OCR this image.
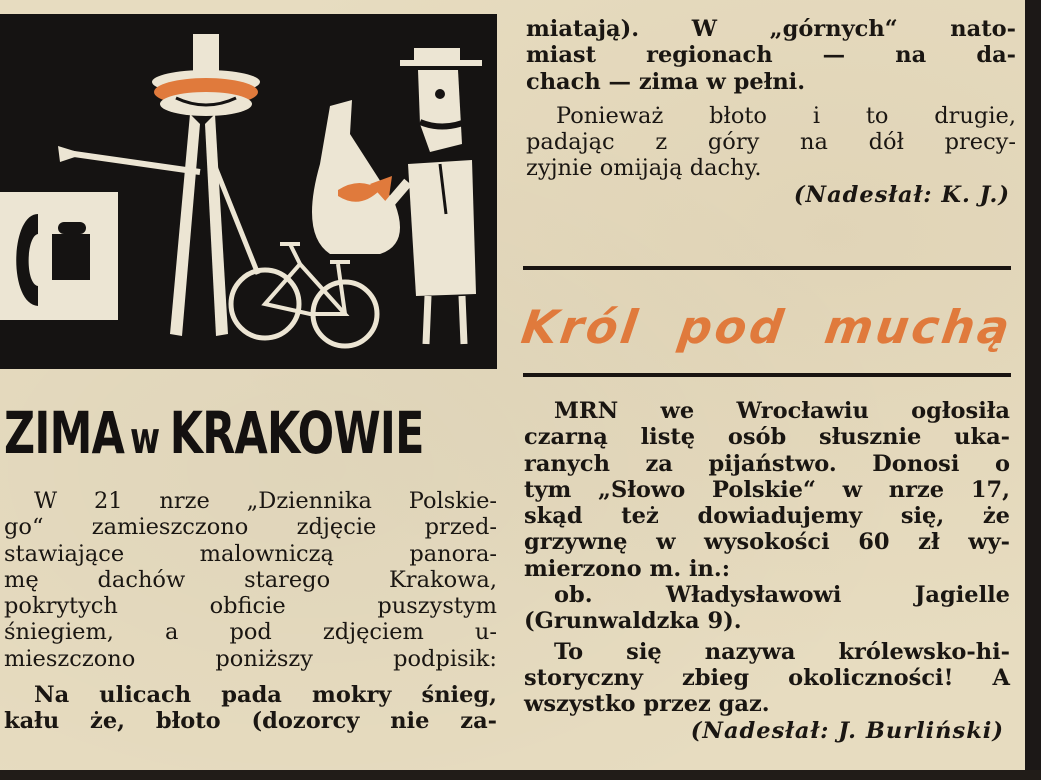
ZIMA w KRAKOWIE
W 21 nrze „Dziennika Polskie-
go“ zamieszczono zdjęcie przed-
stawiające malowniczą panora-
mę dachów starego Krakowa,
pokrytych obficie puszystym
śniegiem, a pod zdjęciem u-
mieszczono poniższy podpisik:
Na ulicach pada mokry śnieg,
kału że, błoto (dozorcy nie za-
miatają). W „górnych“ nato-
miast regionach — na da-
chach — zima w pełni.
Ponieważ błoto i to drugie,
padając z góry na dół precy-
zyjnie omijają dachy.
(Nadesłał: K. J.)
Król pod muchą
MRN we Wrocławiu ogłosiła
czarną listę osób słusznie uka-
ranych za pijaństwo. Donosi o
tym „Słowo Polskie“ w nrze 17,
skąd też dowiadujemy się, że
grzywnę w wysokości 60 zł wy-
mierzono m. in.:
ob. Władysławowi Jagielle
(Grunwaldzka 9).
To się nazywa królewsko-hi-
storyczny zbieg okoliczności! A
wszystko przez gaz.
(Nadesłał: J. Burliński)
